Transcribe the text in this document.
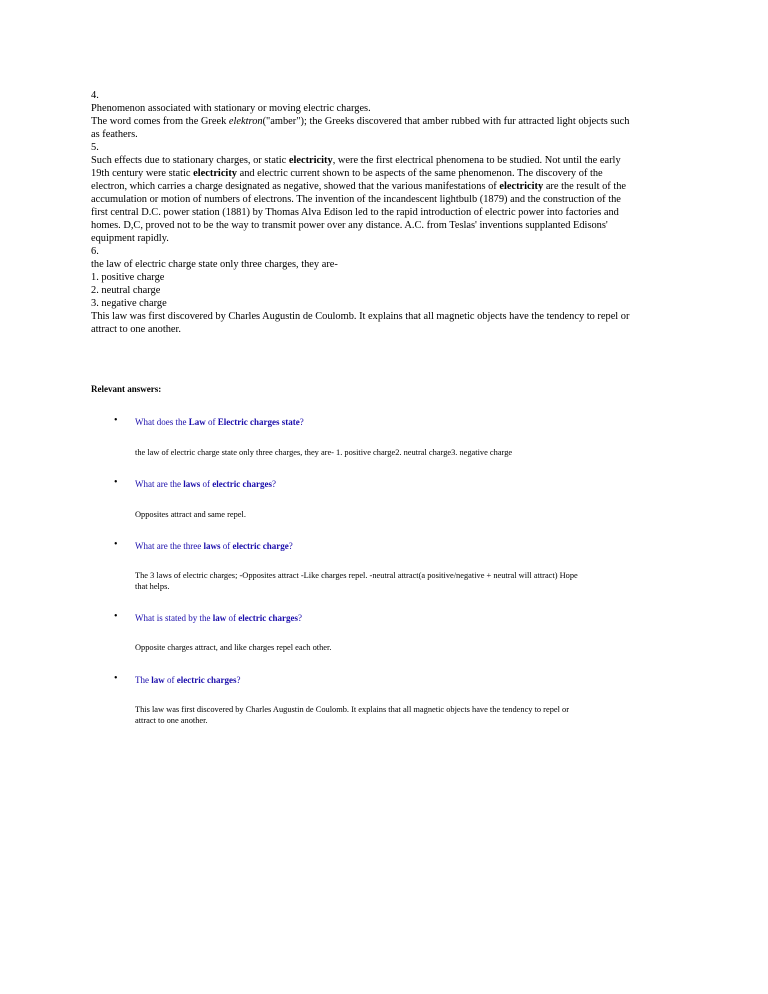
4.
Phenomenon associated with stationary or moving electric charges.
The word comes from the Greek elektron("amber"); the Greeks discovered that amber rubbed with fur attracted light objects such
as feathers.
5.
Such effects due to stationary charges, or static electricity, were the first electrical phenomena to be studied. Not until the early
19th century were static electricity and electric current shown to be aspects of the same phenomenon. The discovery of the
electron, which carries a charge designated as negative, showed that the various manifestations of electricity are the result of the
accumulation or motion of numbers of electrons. The invention of the incandescent lightbulb (1879) and the construction of the
first central D.C. power station (1881) by Thomas Alva Edison led to the rapid introduction of electric power into factories and
homes. D,C, proved not to be the way to transmit power over any distance. A.C. from Teslas' inventions supplanted Edisons'
equipment rapidly.
6.
the law of electric charge state only three charges, they are-
1. positive charge
2. neutral charge
3. negative charge
This law was first discovered by Charles Augustin de Coulomb. It explains that all magnetic objects have the tendency to repel or
attract to one another.
Relevant answers:
• What does the Law of Electric charges state?
the law of electric charge state only three charges, they are- 1. positive charge2. neutral charge3. negative charge
• What are the laws of electric charges?
Opposites attract and same repel.
• What are the three laws of electric charge?
The 3 laws of electric charges; -Opposites attract -Like charges repel. -neutral attract(a positive/negative + neutral will attract) Hope
that helps.
• What is stated by the law of electric charges?
Opposite charges attract, and like charges repel each other.
• The law of electric charges?
This law was first discovered by Charles Augustin de Coulomb. It explains that all magnetic objects have the tendency to repel or
attract to one another.
